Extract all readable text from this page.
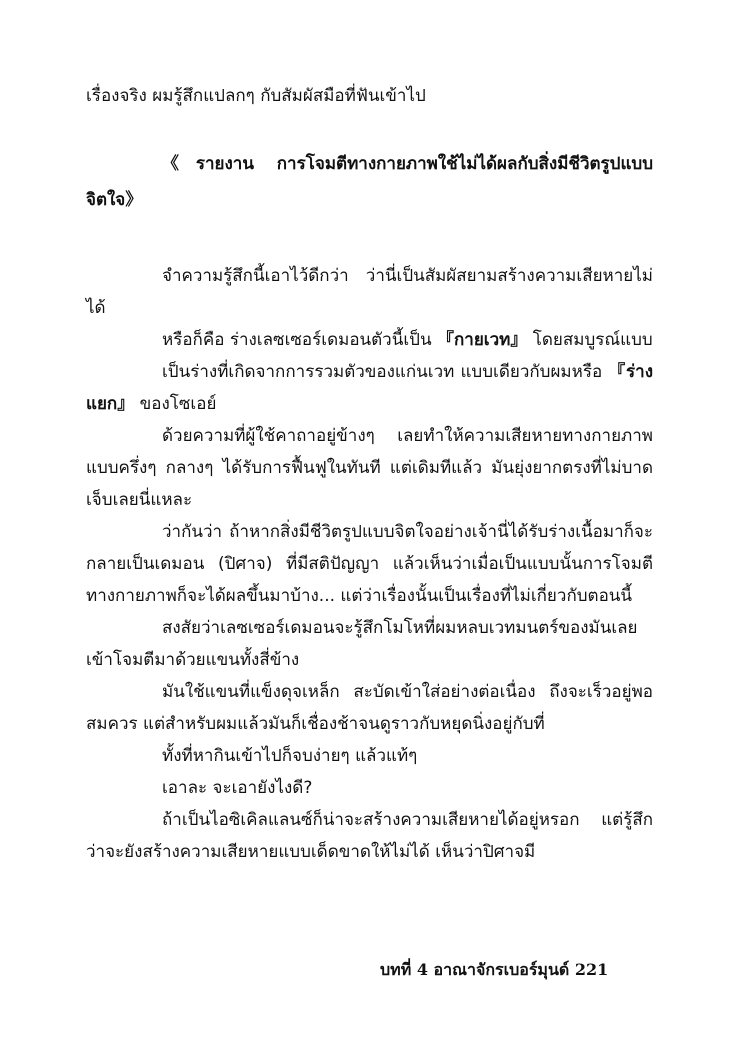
เรื่องจริง ผมรู้สึกแปลกๆ กับสัมผัสมือที่ฟันเข้าไป

《รายงาน การโจมตีทางกายภาพใช้ไม่ได้ผลกับสิ่งมีชีวิตรูปแบบจิตใจ》

จำความรู้สึกนี้เอาไว้ดีกว่า ว่านี่เป็นสัมผัสยามสร้างความเสียหายไม่ได้

หรือก็คือ ร่างเลซเซอร์เดมอนตัวนี้เป็น 『กายเวท』 โดยสมบูรณ์แบบ

เป็นร่างที่เกิดจากการรวมตัวของแก่นเวท แบบเดียวกับผมหรือ 『ร่างแยก』 ของโซเอย์

ด้วยความที่ผู้ใช้คาถาอยู่ข้างๆ เลยทำให้ความเสียหายทางกายภาพแบบครึ่งๆ กลางๆ ได้รับการฟื้นฟูในทันที แต่เดิมทีแล้ว มันยุ่งยากตรงที่ไม่บาดเจ็บเลยนี่แหละ

ว่ากันว่า ถ้าหากสิ่งมีชีวิตรูปแบบจิตใจอย่างเจ้านี่ได้รับร่างเนื้อมาก็จะกลายเป็นเดมอน (ปิศาจ) ที่มีสติปัญญา แล้วเห็นว่าเมื่อเป็นแบบนั้นการโจมตีทางกายภาพก็จะได้ผลขึ้นมาบ้าง... แต่ว่าเรื่องนั้นเป็นเรื่องที่ไม่เกี่ยวกับตอนนี้

สงสัยว่าเลซเซอร์เดมอนจะรู้สึกโมโหที่ผมหลบเวทมนตร์ของมันเลยเข้าโจมตีมาด้วยแขนทั้งสี่ข้าง

มันใช้แขนที่แข็งดุจเหล็ก สะบัดเข้าใส่อย่างต่อเนื่อง ถึงจะเร็วอยู่พอสมควร แต่สำหรับผมแล้วมันก็เชื่องช้าจนดูราวกับหยุดนิ่งอยู่กับที่

ทั้งที่หากินเข้าไปก็จบง่ายๆ แล้วแท้ๆ

เอาละ จะเอายังไงดี?

ถ้าเป็นไอซิเคิลแลนซ์ก็น่าจะสร้างความเสียหายได้อยู่หรอก แต่รู้สึกว่าจะยังสร้างความเสียหายแบบเด็ดขาดให้ไม่ได้ เห็นว่าปิศาจมี

บทที่ 4 อาณาจักรเบอร์มุนด์ 221
